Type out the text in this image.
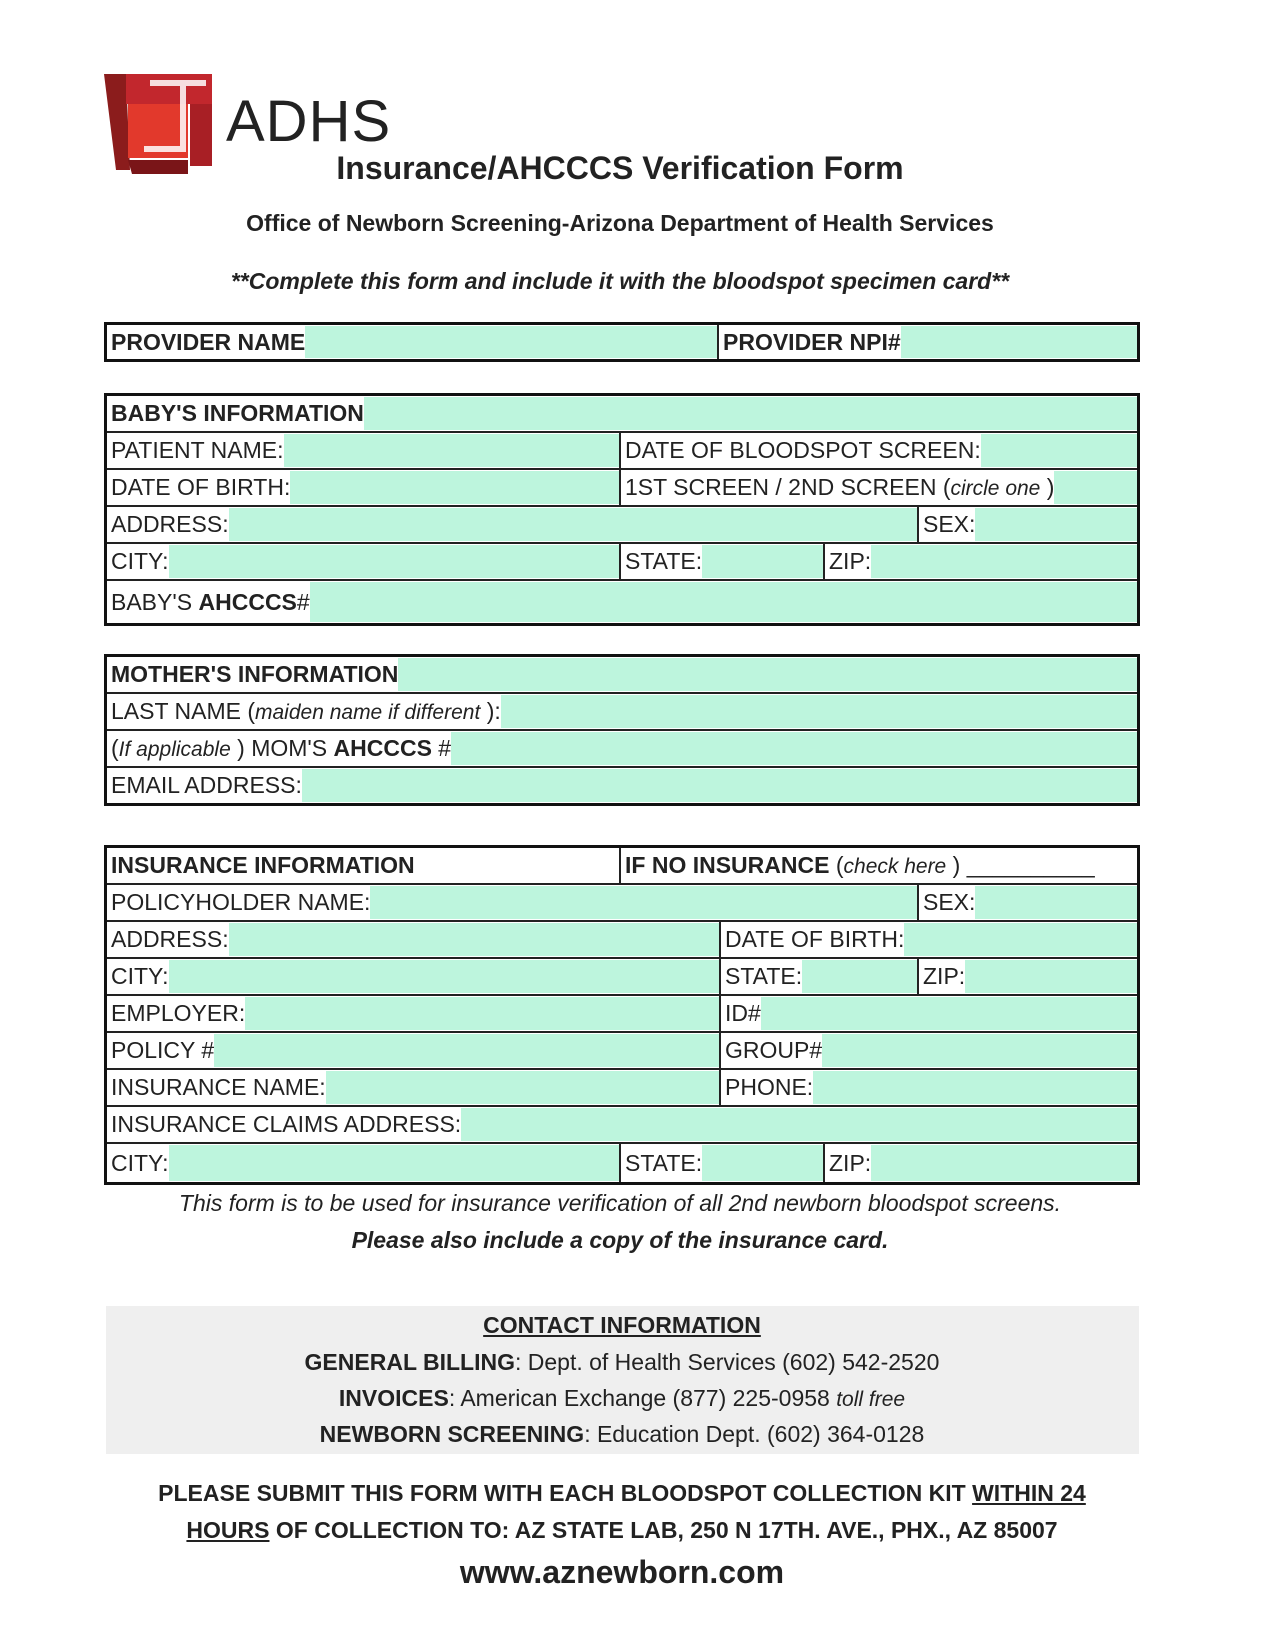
ADHS
Insurance/AHCCCS Verification Form
Office of Newborn Screening-Arizona Department of Health Services
**Complete this form and include it with the bloodspot specimen card**
PROVIDER NAME	PROVIDER NPI#
BABY'S INFORMATION
PATIENT NAME:	DATE OF BLOODSPOT SCREEN:
DATE OF BIRTH:	1ST SCREEN / 2ND SCREEN (circle one )
ADDRESS:	SEX:
CITY:	STATE:	ZIP:
BABY'S AHCCCS#
MOTHER'S INFORMATION
LAST NAME (maiden name if different ):
(If applicable ) MOM'S AHCCCS #
EMAIL ADDRESS:
INSURANCE INFORMATION	IF NO INSURANCE (check here ) __________
POLICYHOLDER NAME:	SEX:
ADDRESS:	DATE OF BIRTH:
CITY:	STATE:	ZIP:
EMPLOYER:	ID#
POLICY #	GROUP#
INSURANCE NAME:	PHONE:
INSURANCE CLAIMS ADDRESS:
CITY:	STATE:	ZIP:
This form is to be used for insurance verification of all 2nd newborn bloodspot screens.
Please also include a copy of the insurance card.
CONTACT INFORMATION
GENERAL BILLING: Dept. of Health Services (602) 542-2520
INVOICES: American Exchange (877) 225-0958 toll free
NEWBORN SCREENING: Education Dept. (602) 364-0128
PLEASE SUBMIT THIS FORM WITH EACH BLOODSPOT COLLECTION KIT WITHIN 24
HOURS OF COLLECTION TO: AZ STATE LAB, 250 N 17TH. AVE., PHX., AZ 85007
www.aznewborn.com
